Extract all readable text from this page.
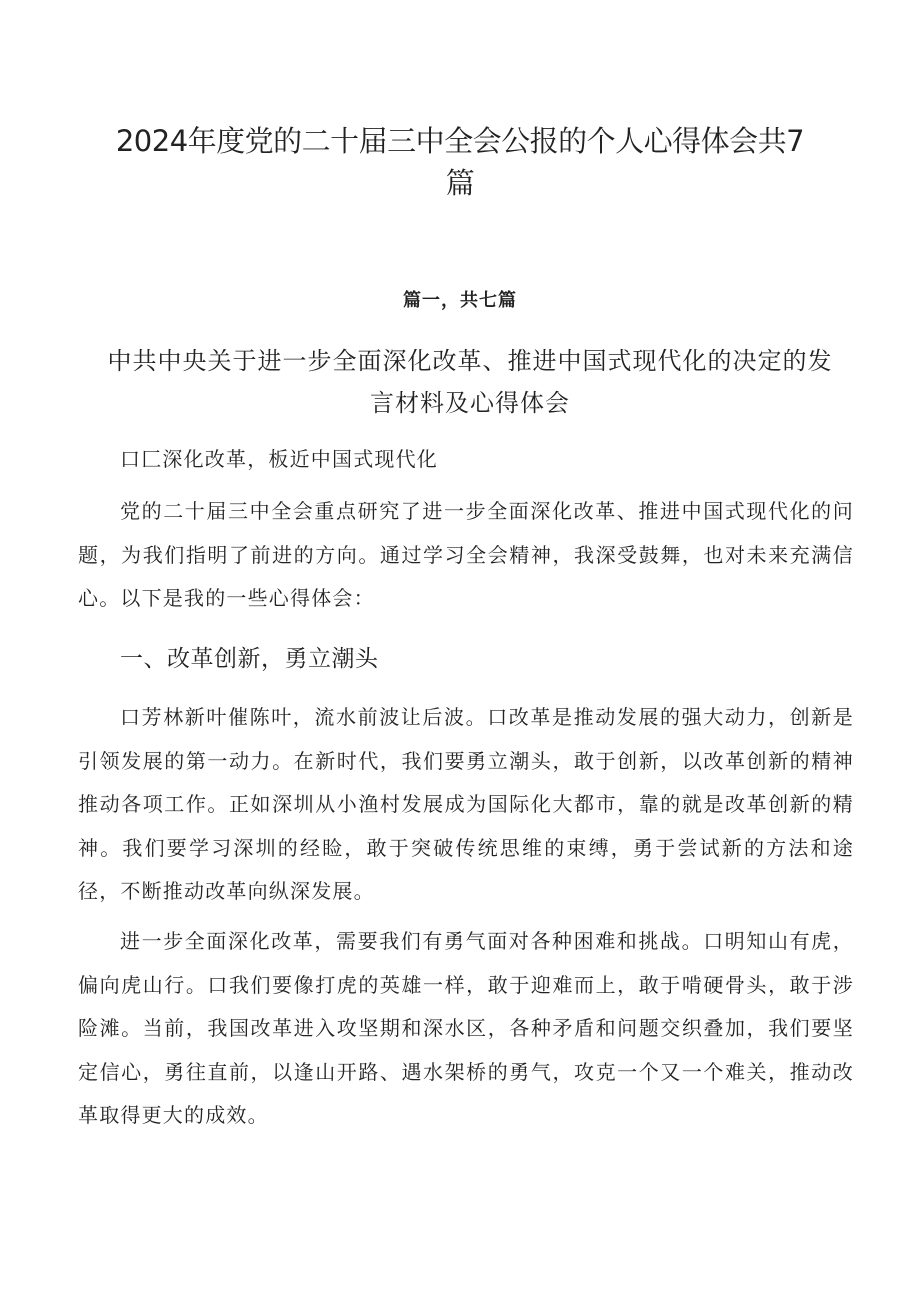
2024年度党的二十届三中全会公报的个人心得体会共7篇

篇一，共七篇

中共中央关于进一步全面深化改革、推进中国式现代化的决定的发言材料及心得体会

口匚深化改革，板近中国式现代化

党的二十届三中全会重点研究了进一步全面深化改革、推进中国式现代化的问题，为我们指明了前进的方向。通过学习全会精神，我深受鼓舞，也对未来充满信心。以下是我的一些心得体会：

一、改革创新，勇立潮头

口芳林新叶催陈叶，流水前波让后波。口改革是推动发展的强大动力，创新是引领发展的第一动力。在新时代，我们要勇立潮头，敢于创新，以改革创新的精神推动各项工作。正如深圳从小渔村发展成为国际化大都市，靠的就是改革创新的精神。我们要学习深圳的经睑，敢于突破传统思维的束缚，勇于尝试新的方法和途径，不断推动改革向纵深发展。

进一步全面深化改革，需要我们有勇气面对各种困难和挑战。口明知山有虎，偏向虎山行。口我们要像打虎的英雄一样，敢于迎难而上，敢于啃硬骨头，敢于涉险滩。当前，我国改革进入攻坚期和深水区，各种矛盾和问题交织叠加，我们要坚定信心，勇往直前，以逢山开路、遇水架桥的勇气，攻克一个又一个难关，推动改革取得更大的成效。
